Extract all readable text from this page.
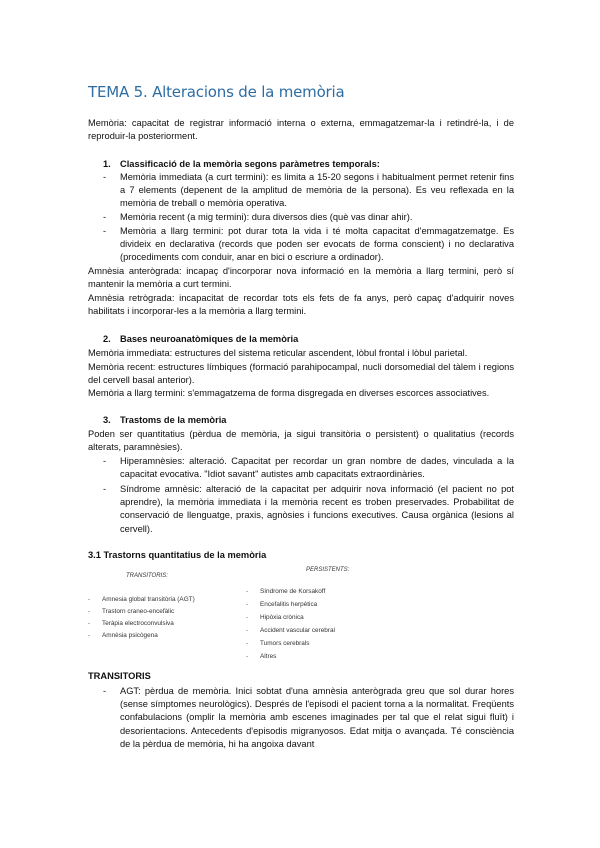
TEMA 5. Alteracions de la memòria

Memòria: capacitat de registrar informació interna o externa, emmagatzemar-la i retindré-la, i de reproduir-la posteriorment.

1. Classificació de la memòria segons paràmetres temporals:

- Memòria immediata (a curt termini): es limita a 15-20 segons i habitualment permet retenir fins a 7 elements (depenent de la amplitud de memòria de la persona). Es veu reflexada en la memòria de treball o memòria operativa.
- Memòria recent (a mig termini): dura diversos dies (què vas dinar ahir).
- Memòria a llarg termini: pot durar tota la vida i té molta capacitat d'emmagatzematge. Es divideix en declarativa (records que poden ser evocats de forma conscient) i no declarativa (procediments com conduir, anar en bici o escriure a ordinador).

Amnèsia anterògrada: incapaç d'incorporar nova informació en la memòria a llarg termini, però sí mantenir la memòria a curt termini.

Amnèsia retrògrada: incapacitat de recordar tots els fets de fa anys, però capaç d'adquirir noves habilitats i incorporar-les a la memòria a llarg termini.

2. Bases neuroanatòmiques de la memòria

Memòria immediata: estructures del sistema reticular ascendent, lòbul frontal i lòbul parietal.

Memòria recent: estructures límbiques (formació parahipocampal, nucli dorsomedial del tàlem i regions del cervell basal anterior).

Memòria a llarg termini: s'emmagatzema de forma disgregada en diverses escorces associatives.

3. Trastoms de la memòria

Poden ser quantitatius (pèrdua de memòria, ja sigui transitòria o persistent) o qualitatius (records alterats, paramnèsies).

- Hiperamnèsies: alteració. Capacitat per recordar un gran nombre de dades, vinculada a la capacitat evocativa. "Idiot savant" autistes amb capacitats extraordinàries.
- Síndrome amnèsic: alteració de la capacitat per adquirir nova informació (el pacient no pot aprendre), la memòria immediata i la memòria recent es troben preservades. Probabilitat de conservació de llenguatge, praxis, agnòsies i funcions executives. Causa orgànica (lesions al cervell).

3.1 Trastorns quantitatius de la memòria

TRANSITORIS:
PERSISTENTS:
- Amnesia global transitòria (AGT)
- Trastorn craneo-encefàlic
- Teràpia electroconvulsiva
- Amnèsia psicògena
- Síndrome de Korsakoff
- Encefalitis herpètica
- Hipòxia crònica
- Accident vascular cerebral
- Tumors cerebrals
- Altres

TRANSITORIS

- AGT: pèrdua de memòria. Inici sobtat d'una amnèsia anterògrada greu que sol durar hores (sense símptomes neurològics). Després de l'episodi el pacient torna a la normalitat. Freqüents confabulacions (omplir la memòria amb escenes imaginades per tal que el relat sigui fluït) i desorientacions. Antecedents d'episodis migranyosos. Edat mitja o avançada. Té consciència de la pèrdua de memòria, hi ha angoixa davant
